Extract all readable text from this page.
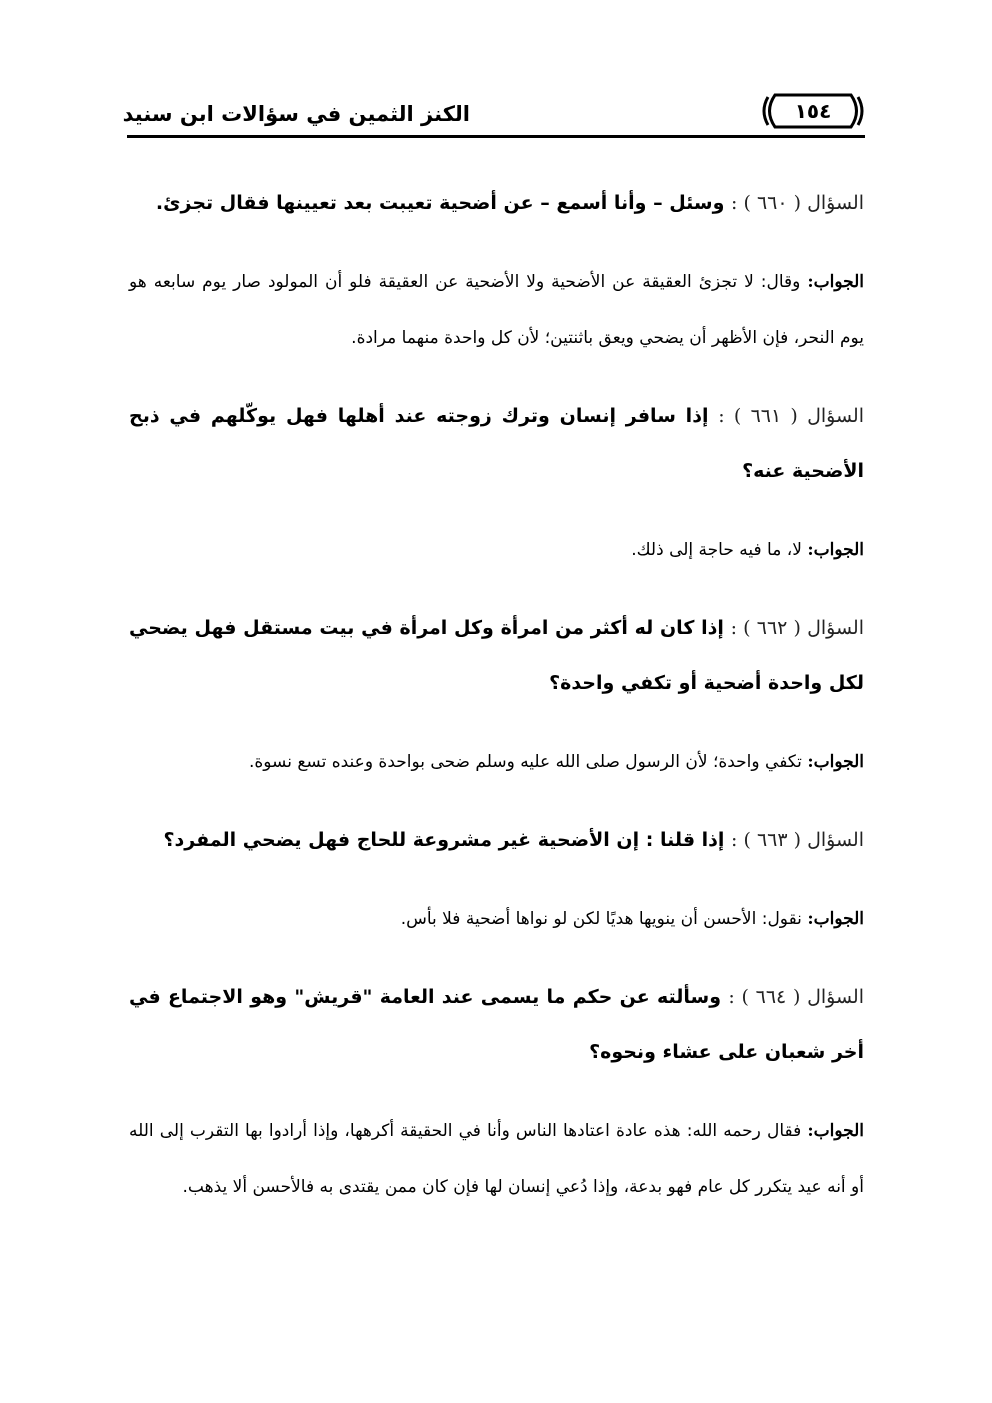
١٥٤
الكنز الثمين في سؤالات ابن سنيد
السؤال ( ٦٦٠ ) : وسئل – وأنا أسمع – عن أضحية تعيبت بعد تعيينها فقال تجزئ.
الجواب: وقال: لا تجزئ العقيقة عن الأضحية ولا الأضحية عن العقيقة فلو أن المولود صار يوم سابعه هو يوم النحر، فإن الأظهر أن يضحي ويعق باثنتين؛ لأن كل واحدة منهما مرادة.
السؤال ( ٦٦١ ) : إذا سافر إنسان وترك زوجته عند أهلها فهل يوكّلهم في ذبح الأضحية عنه؟
الجواب: لا، ما فيه حاجة إلى ذلك.
السؤال ( ٦٦٢ ) : إذا كان له أكثر من امرأة وكل امرأة في بيت مستقل فهل يضحي لكل واحدة أضحية أو تكفي واحدة؟
الجواب: تكفي واحدة؛ لأن الرسول صلى الله عليه وسلم ضحى بواحدة وعنده تسع نسوة.
السؤال ( ٦٦٣ ) : إذا قلنا : إن الأضحية غير مشروعة للحاج فهل يضحي المفرد؟
الجواب: نقول: الأحسن أن ينويها هديًا لكن لو نواها أضحية فلا بأس.
السؤال ( ٦٦٤ ) : وسألته عن حكم ما يسمى عند العامة "قريش" وهو الاجتماع في أخر شعبان على عشاء ونحوه؟
الجواب: فقال رحمه الله: هذه عادة اعتادها الناس وأنا في الحقيقة أكرهها، وإذا أرادوا بها التقرب إلى الله أو أنه عيد يتكرر كل عام فهو بدعة، وإذا دُعي إنسان لها فإن كان ممن يقتدى به فالأحسن ألا يذهب.
